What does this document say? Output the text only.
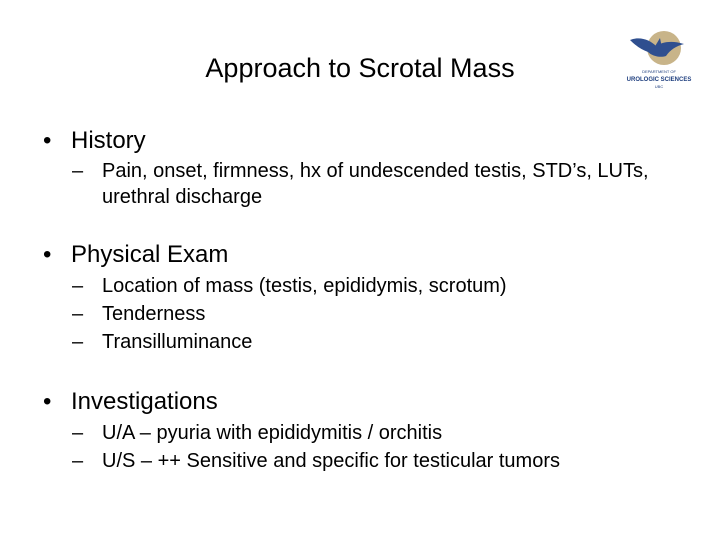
Approach to Scrotal Mass	DEPARTMENT OF
UROLOGIC SCIENCES
UBC
• History
– Pain, onset, firmness, hx of undescended testis, STD’s, LUTs, urethral discharge
• Physical Exam
– Location of mass (testis, epididymis, scrotum)
– Tenderness
– Transilluminance
• Investigations
– U/A – pyuria with epididymitis / orchitis
– U/S – ++ Sensitive and specific for testicular tumors
